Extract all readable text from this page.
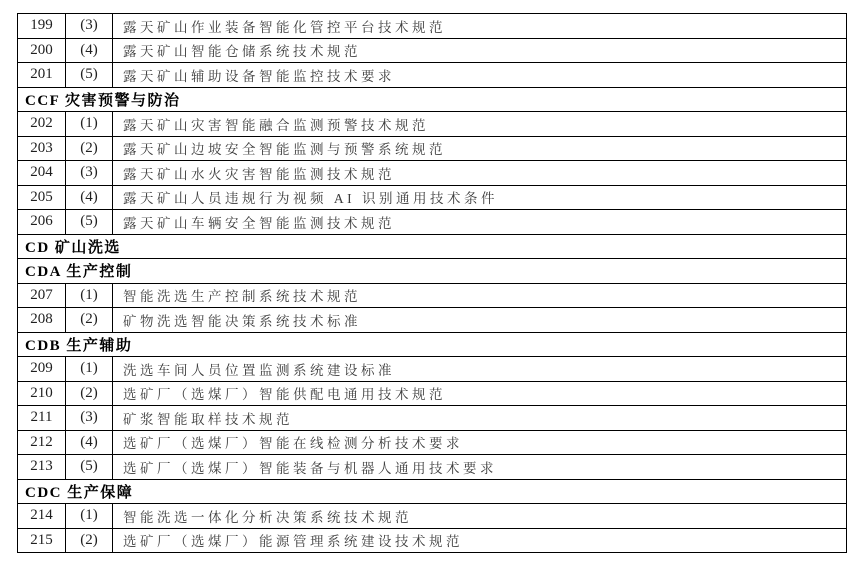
199	(3)	露天矿山作业装备智能化管控平台技术规范
200	(4)	露天矿山智能仓储系统技术规范
201	(5)	露天矿山辅助设备智能监控技术要求
CCF 灾害预警与防治		
202	(1)	露天矿山灾害智能融合监测预警技术规范
203	(2)	露天矿山边坡安全智能监测与预警系统规范
204	(3)	露天矿山水火灾害智能监测技术规范
205	(4)	露天矿山人员违规行为视频 AI 识别通用技术条件
206	(5)	露天矿山车辆安全智能监测技术规范
CD 矿山洗选		
CDA 生产控制		
207	(1)	智能洗选生产控制系统技术规范
208	(2)	矿物洗选智能决策系统技术标准
CDB 生产辅助		
209	(1)	洗选车间人员位置监测系统建设标准
210	(2)	选矿厂（选煤厂）智能供配电通用技术规范
211	(3)	矿浆智能取样技术规范
212	(4)	选矿厂（选煤厂）智能在线检测分析技术要求
213	(5)	选矿厂（选煤厂）智能装备与机器人通用技术要求
CDC 生产保障		
214	(1)	智能洗选一体化分析决策系统技术规范
215	(2)	选矿厂（选煤厂）能源管理系统建设技术规范
